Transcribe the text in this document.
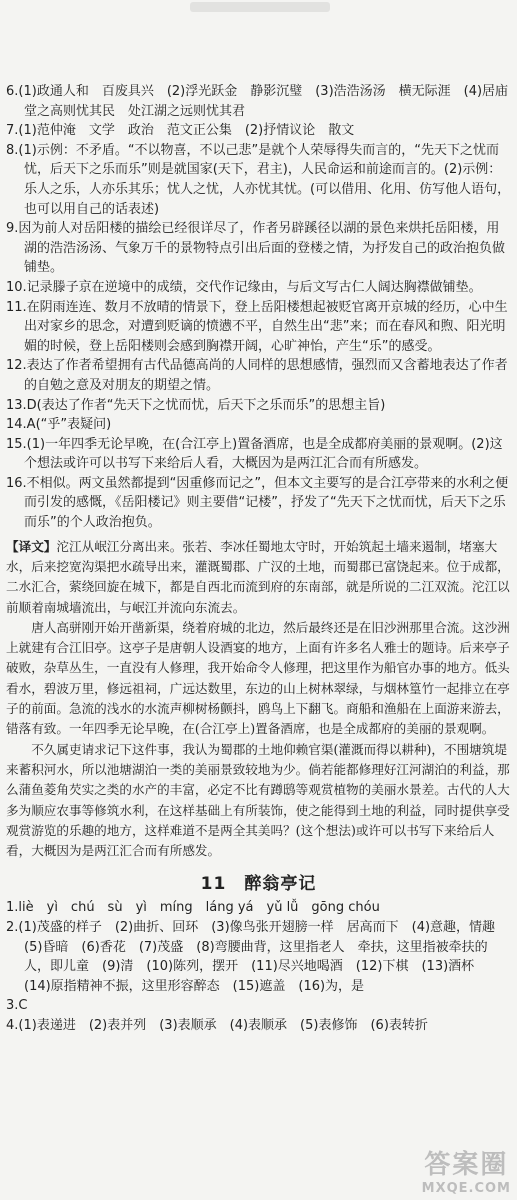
6.(1)政通人和　百废具兴　(2)浮光跃金　静影沉璧　(3)浩浩汤汤　横无际涯　(4)居庙堂之高则忧其民　处江湖之远则忧其君

7.(1)范仲淹　文学　政治　范文正公集　(2)抒情议论　散文

8.(1)示例：不矛盾。“不以物喜，不以己悲”是就个人荣辱得失而言的，“先天下之忧而忧，后天下之乐而乐”则是就国家(天下，君主)，人民命运和前途而言的。(2)示例：乐人之乐，人亦乐其乐；忧人之忧，人亦忧其忧。(可以借用、化用、仿写他人语句，也可以用自己的话表述)

9.因为前人对岳阳楼的描绘已经很详尽了，作者另辟蹊径以湖的景色来烘托岳阳楼，用湖的浩浩汤汤、气象万千的景物特点引出后面的登楼之情，为抒发自己的政治抱负做铺垫。

10.记录滕子京在逆境中的成绩，交代作记缘由，与后文写古仁人阔达胸襟做铺垫。

11.在阴雨连连、数月不放晴的情景下，登上岳阳楼想起被贬官离开京城的经历，心中生出对家乡的思念，对遭到贬谪的愤懑不平，自然生出“悲”来；而在春风和煦、阳光明媚的时候，登上岳阳楼则会感到胸襟开阔，心旷神怡，产生“乐”的感受。

12.表达了作者希望拥有古代品德高尚的人同样的思想感情，强烈而又含蓄地表达了作者的自勉之意及对朋友的期望之情。

13.D(表达了作者“先天下之忧而忧，后天下之乐而乐”的思想主旨)

14.A(“乎”表疑问)

15.(1)一年四季无论早晚，在(合江亭上)置备酒席，也是全成都府美丽的景观啊。(2)这个想法或许可以书写下来给后人看，大概因为是两江汇合而有所感发。

16.不相似。两文虽然都提到“因重修而记之”，但本文主要写的是合江亭带来的水利之便而引发的感慨，《岳阳楼记》则主要借“记楼”，抒发了“先天下之忧而忧，后天下之乐而乐”的个人政治抱负。

【译文】沱江从岷江分离出来。张若、李冰任蜀地太守时，开始筑起土墙来遏制，堵塞大水，后来挖宽沟渠把水疏导出来，灌溉蜀郡、广汉的土地，而蜀郡已富饶起来。位于成都，二水汇合，萦绕回旋在城下，都是自西北而流到府的东南部，就是所说的二江双流。沱江以前顺着南城墙流出，与岷江并流向东流去。

唐人高骈刚开始开凿新渠，绕着府城的北边，然后最终还是在旧沙洲那里合流。这沙洲上就建有合江旧亭。这亭子是唐朝人设酒宴的地方，上面有许多名人雅士的题诗。后来亭子破败，杂草丛生，一直没有人修理，我开始命令人修理，把这里作为船官办事的地方。低头看水，碧波万里，修远祖祠，广远达数里，东边的山上树林翠绿，与烟林篁竹一起排立在亭子的前面。急流的浅水的水流声柳树杨颤抖，鸥鸟上下翻飞。商船和渔船在上面游来游去，错落有致。一年四季无论早晚，在(合江亭上)置备酒席，也是全成都府的美丽的景观啊。

不久属吏请求记下这件事，我认为蜀郡的土地仰赖官渠(灌溉而得以耕种)，不围塘筑堤来蓄积河水，所以池塘湖泊一类的美丽景致较地为少。倘若能都修理好江河湖泊的利益，那么蒲鱼菱角芡实之类的水产的丰富，必定不比有蹲鸱等观赏植物的美丽水景差。古代的人大多为顺应农事等修筑水利，在这样基础上有所装饰，使之能得到土地的利益，同时提供享受观赏游览的乐趣的地方，这样难道不是两全其美吗？(这个想法)或许可以书写下来给后人看，大概因为是两江汇合而有所感发。

11 醉翁亭记

1.liè　yì　chú　sù　yì　míng　láng yá　yǔ lǚ　gōng chóu

2.(1)茂盛的样子　(2)曲折、回环　(3)像鸟张开翅膀一样　居高而下　(4)意趣，情趣　(5)昏暗　(6)香花　(7)茂盛　(8)弯腰曲背，这里指老人　牵扶，这里指被牵扶的人，即儿童　(9)清　(10)陈列，摆开　(11)尽兴地喝酒　(12)下棋　(13)酒杯　(14)原指精神不振，这里形容醉态　(15)遮盖　(16)为，是

3.C

4.(1)表递进　(2)表并列　(3)表顺承　(4)表顺承　(5)表修饰　(6)表转折

答案圈
MXQE.COM
